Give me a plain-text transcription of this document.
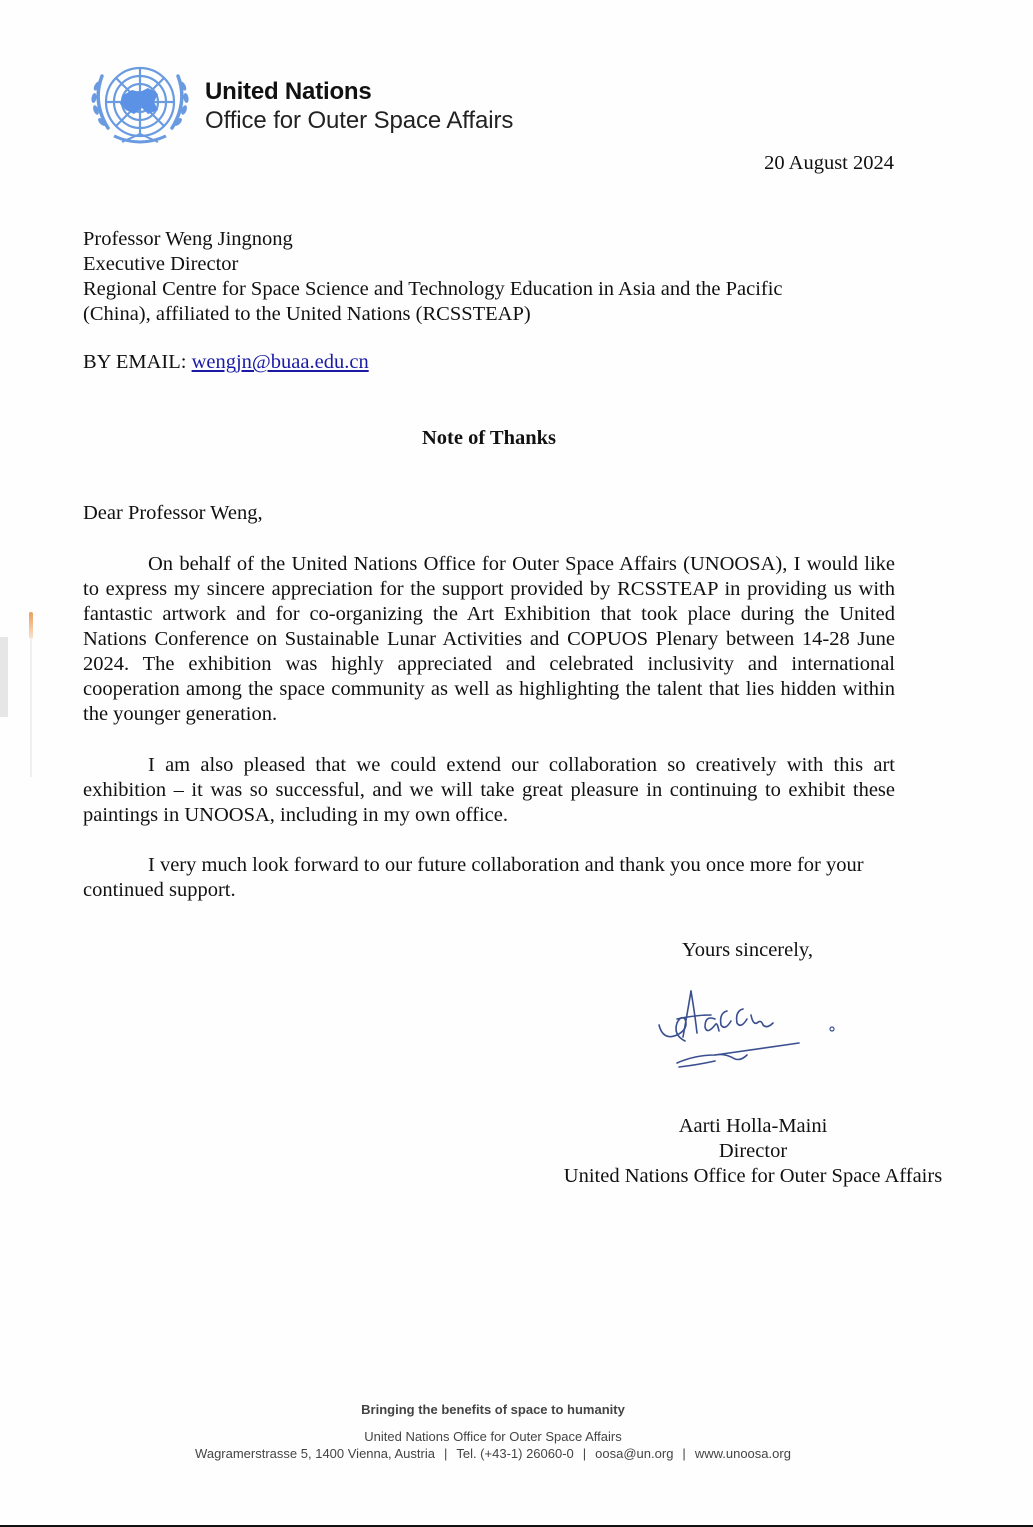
United Nations
Office for Outer Space Affairs
20 August 2024
Professor Weng Jingnong
Executive Director
Regional Centre for Space Science and Technology Education in Asia and the Pacific
(China), affiliated to the United Nations (RCSSTEAP)
BY EMAIL: wengjn@buaa.edu.cn
Note of Thanks
Dear Professor Weng,
On behalf of the United Nations Office for Outer Space Affairs (UNOOSA), I would like to express my sincere appreciation for the support provided by RCSSTEAP in providing us with fantastic artwork and for co-organizing the Art Exhibition that took place during the United Nations Conference on Sustainable Lunar Activities and COPUOS Plenary between 14-28 June 2024. The exhibition was highly appreciated and celebrated inclusivity and international cooperation among the space community as well as highlighting the talent that lies hidden within the younger generation.
I am also pleased that we could extend our collaboration so creatively with this art exhibition – it was so successful, and we will take great pleasure in continuing to exhibit these paintings in UNOOSA, including in my own office.
I very much look forward to our future collaboration and thank you once more for your continued support.
Yours sincerely,
Aarti Holla-Maini
Director
United Nations Office for Outer Space Affairs
Bringing the benefits of space to humanity
United Nations Office for Outer Space Affairs
Wagramerstrasse 5, 1400 Vienna, Austria | Tel. (+43-1) 26060-0 | oosa@un.org | www.unoosa.org
